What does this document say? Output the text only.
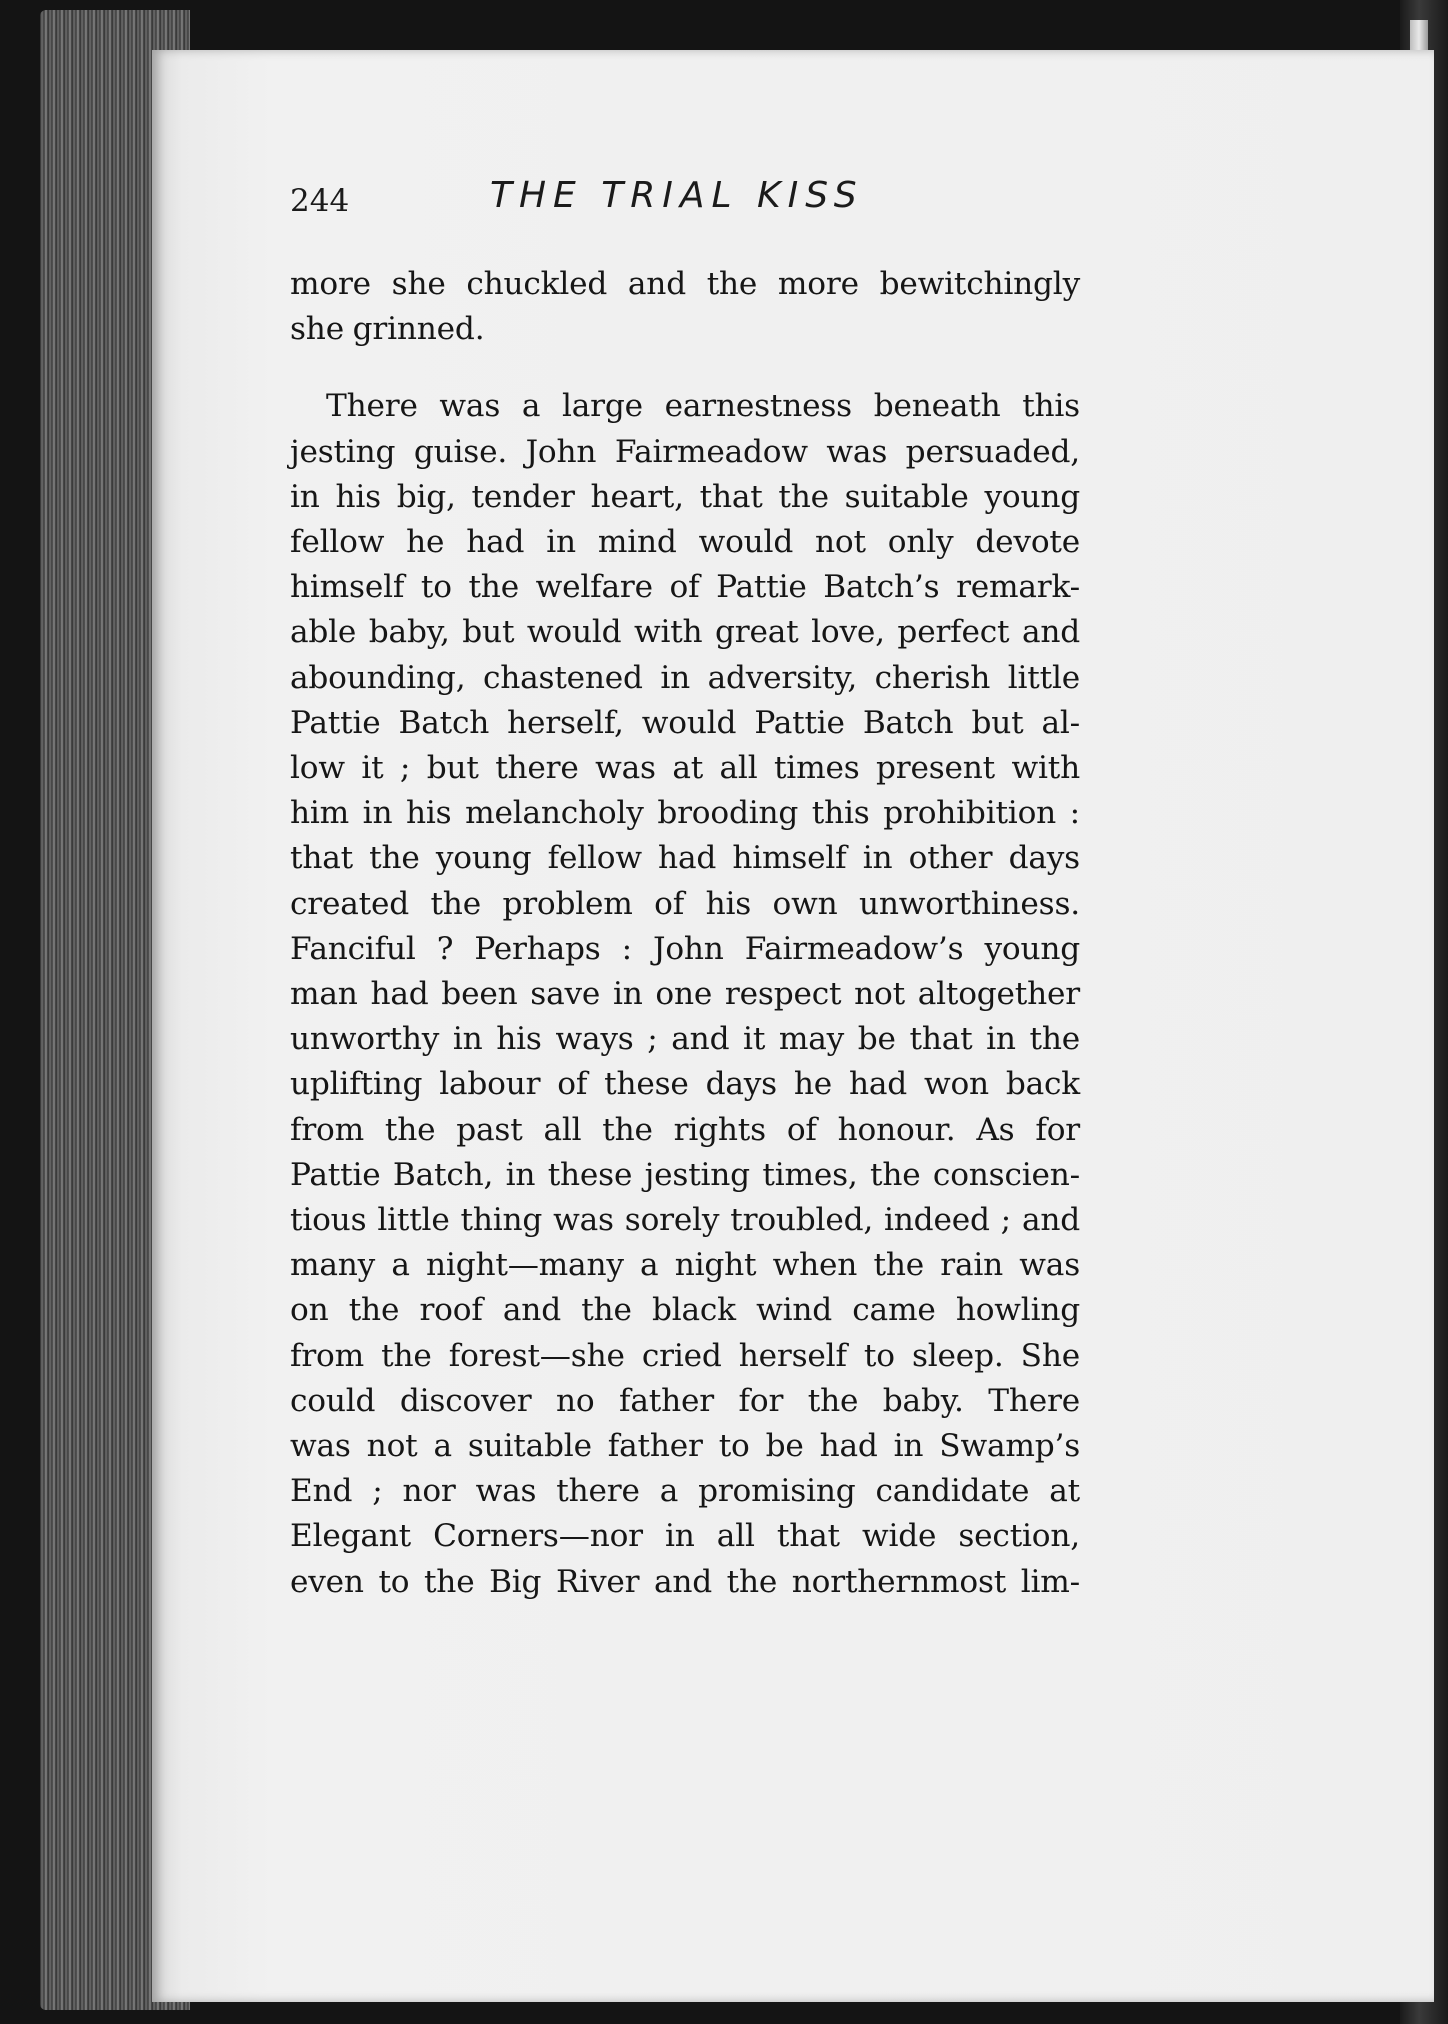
244	THE TRIAL KISS
more she chuckled and the more bewitchingly
she grinned.
There was a large earnestness beneath this
jesting guise. John Fairmeadow was persuaded,
in his big, tender heart, that the suitable young
fellow he had in mind would not only devote
himself to the welfare of Pattie Batch’s remark-
able baby, but would with great love, perfect and
abounding, chastened in adversity, cherish little
Pattie Batch herself, would Pattie Batch but al-
low it ; but there was at all times present with
him in his melancholy brooding this prohibition :
that the young fellow had himself in other days
created the problem of his own unworthiness.
Fanciful ? Perhaps : John Fairmeadow’s young
man had been save in one respect not altogether
unworthy in his ways ; and it may be that in the
uplifting labour of these days he had won back
from the past all the rights of honour. As for
Pattie Batch, in these jesting times, the conscien-
tious little thing was sorely troubled, indeed ; and
many a night—many a night when the rain was
on the roof and the black wind came howling
from the forest—she cried herself to sleep. She
could discover no father for the baby. There
was not a suitable father to be had in Swamp’s
End ; nor was there a promising candidate at
Elegant Corners—nor in all that wide section,
even to the Big River and the northernmost lim-
